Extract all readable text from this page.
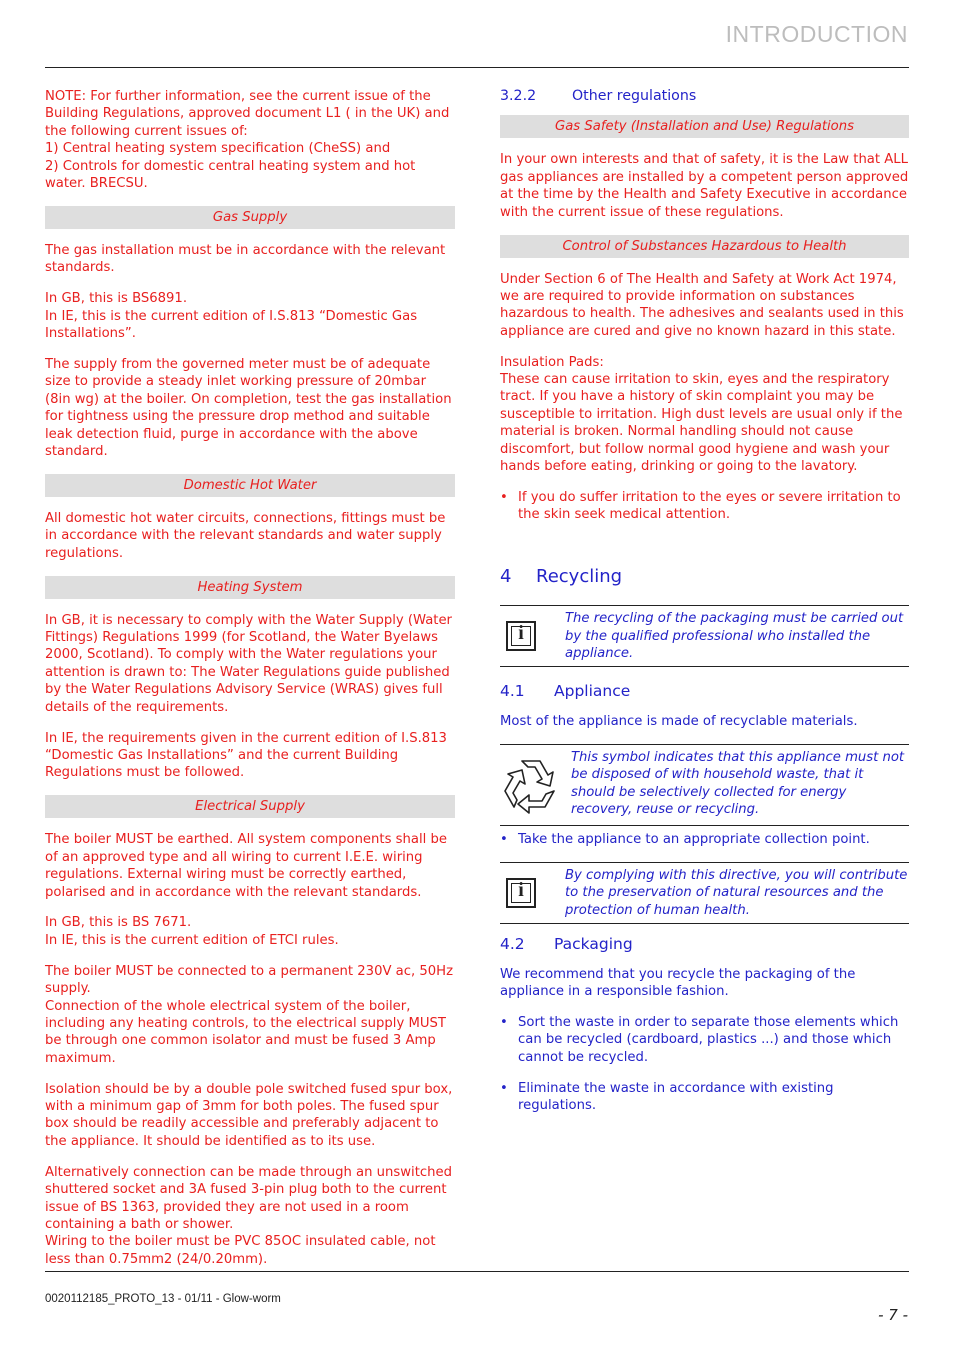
INTRODUCTION

NOTE: For further information, see the current issue of the Building Regulations, approved document L1 ( in the UK) and the following current issues of:
1) Central heating system specification (CheSS) and
2) Controls for domestic central heating system and hot water. BRECSU.

Gas Supply

The gas installation must be in accordance with the relevant standards.

In GB, this is BS6891.
In IE, this is the current edition of I.S.813 “Domestic Gas Installations”.

The supply from the governed meter must be of adequate size to provide a steady inlet working pressure of 20mbar (8in wg) at the boiler. On completion, test the gas installation for tightness using the pressure drop method and suitable leak detection fluid, purge in accordance with the above standard.

Domestic Hot Water

All domestic hot water circuits, connections, fittings must be in accordance with the relevant standards and water supply regulations.

Heating System

In GB, it is necessary to comply with the Water Supply (Water Fittings) Regulations 1999 (for Scotland, the Water Byelaws 2000, Scotland). To comply with the Water regulations your attention is drawn to: The Water Regulations guide published by the Water Regulations Advisory Service (WRAS) gives full details of the requirements.

In IE, the requirements given in the current edition of I.S.813 “Domestic Gas Installations” and the current Building Regulations must be followed.

Electrical Supply

The boiler MUST be earthed. All system components shall be of an approved type and all wiring to current I.E.E. wiring regulations. External wiring must be correctly earthed, polarised and in accordance with the relevant standards.

In GB, this is BS 7671.
In IE, this is the current edition of ETCI rules.

The boiler MUST be connected to a permanent 230V ac, 50Hz supply.
Connection of the whole electrical system of the boiler, including any heating controls, to the electrical supply MUST be through one common isolator and must be fused 3 Amp maximum.

Isolation should be by a double pole switched fused spur box, with a minimum gap of 3mm for both poles. The fused spur box should be readily accessible and preferably adjacent to the appliance. It should be identified as to its use.

Alternatively connection can be made through an unswitched shuttered socket and 3A fused 3-pin plug both to the current issue of BS 1363, provided they are not used in a room containing a bath or shower.
Wiring to the boiler must be PVC 85OC insulated cable, not less than 0.75mm2 (24/0.20mm).

3.2.2	Other regulations
Gas Safety (Installation and Use) Regulations

In your own interests and that of safety, it is the Law that ALL gas appliances are installed by a competent person approved at the time by the Health and Safety Executive in accordance with the current issue of these regulations.

Control of Substances Hazardous to Health

Under Section 6 of The Health and Safety at Work Act 1974, we are required to provide information on substances hazardous to health. The adhesives and sealants used in this appliance are cured and give no known hazard in this state.

Insulation Pads:
These can cause irritation to skin, eyes and the respiratory tract. If you have a history of skin complaint you may be susceptible to irritation. High dust levels are usual only if the material is broken. Normal handling should not cause discomfort, but follow normal good hygiene and wash your hands before eating, drinking or going to the lavatory.

• If you do suffer irritation to the eyes or severe irritation to the skin seek medical attention.
4 Recycling
i
The recycling of the packaging must be carried out by the qualified professional who installed the appliance.
4.1 Appliance

Most of the appliance is made of recyclable materials.

This symbol indicates that this appliance must not be disposed of with household waste, that it should be selectively collected for energy recovery, reuse or recycling.
• Take the appliance to an appropriate collection point.
i
By complying with this directive, you will contribute to the preservation of natural resources and the protection of human health.
4.2 Packaging

We recommend that you recycle the packaging of the appliance in a responsible fashion.

• Sort the waste in order to separate those elements which can be recycled (cardboard, plastics ...) and those which cannot be recycled.
• Eliminate the waste in accordance with existing regulations.
0020112185_PROTO_13 - 01/11 - Glow-worm
- 7 -
